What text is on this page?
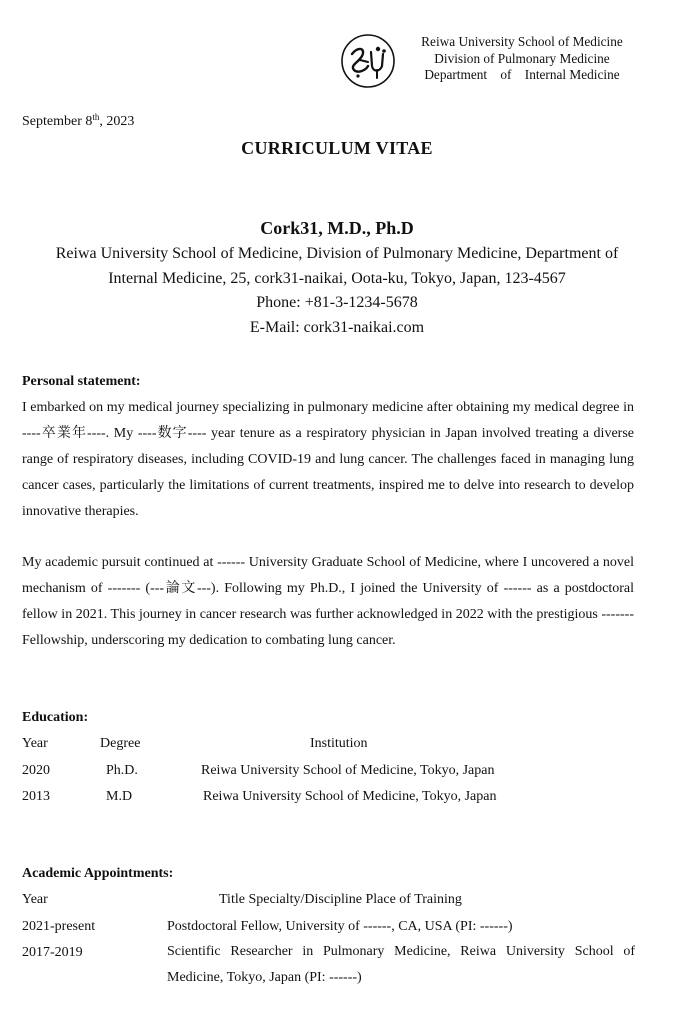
Reiwa University School of Medicine
Division of Pulmonary Medicine
Department    of    Internal Medicine
September 8th, 2023
CURRICULUM VITAE
Cork31, M.D., Ph.D
Reiwa University School of Medicine, Division of Pulmonary Medicine, Department of
Internal Medicine, 25, cork31-naikai, Oota-ku, Tokyo, Japan, 123-4567
Phone: +81-3-1234-5678
E-Mail: cork31-naikai.com
Personal statement:
I embarked on my medical journey specializing in pulmonary medicine after obtaining my medical degree in ----卒業年----. My ----数字---- year tenure as a respiratory physician in Japan involved treating a diverse range of respiratory diseases, including COVID-19 and lung cancer. The challenges faced in managing lung cancer cases, particularly the limitations of current treatments, inspired me to delve into research to develop innovative therapies.
My academic pursuit continued at ------ University Graduate School of Medicine, where I uncovered a novel mechanism of ------- (---論文---). Following my Ph.D., I joined the University of ------ as a postdoctoral fellow in 2021. This journey in cancer research was further acknowledged in 2022 with the prestigious ------- Fellowship, underscoring my dedication to combating lung cancer.
Education:
Year	Degree	Institution
2020	Ph.D.	Reiwa University School of Medicine, Tokyo, Japan
2013	M.D	Reiwa University School of Medicine, Tokyo, Japan
Academic Appointments:
Year	Title Specialty/Discipline Place of Training
2021-present	Postdoctoral Fellow, University of ------, CA, USA (PI: ------)
2017-2019	Scientific Researcher in Pulmonary Medicine, Reiwa University School of Medicine, Tokyo, Japan (PI: ------)
